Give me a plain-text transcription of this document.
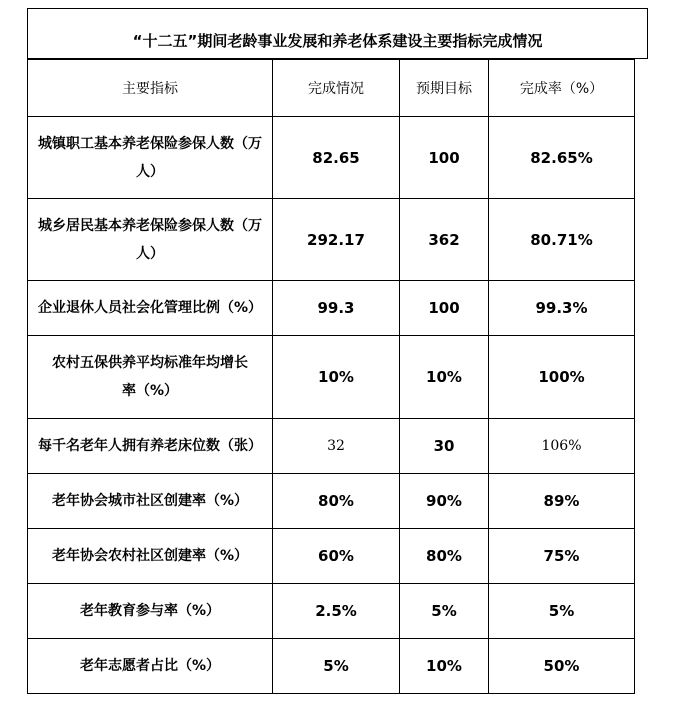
“十二五”期间老龄事业发展和养老体系建设主要指标完成情况
主要指标	完成情况	预期目标	完成率（%）
城镇职工基本养老保险参保人数（万人）	82.65	100	82.65%
城乡居民基本养老保险参保人数（万人）	292.17	362	80.71%
企业退休人员社会化管理比例（%）	99.3	100	99.3%
农村五保供养平均标准年均增长率（%）	10%	10%	100%
每千名老年人拥有养老床位数（张）	32	30	106%
老年协会城市社区创建率（%）	80%	90%	89%
老年协会农村社区创建率（%）	60%	80%	75%
老年教育参与率（%）	2.5%	5%	5%
老年志愿者占比（%）	5%	10%	50%
